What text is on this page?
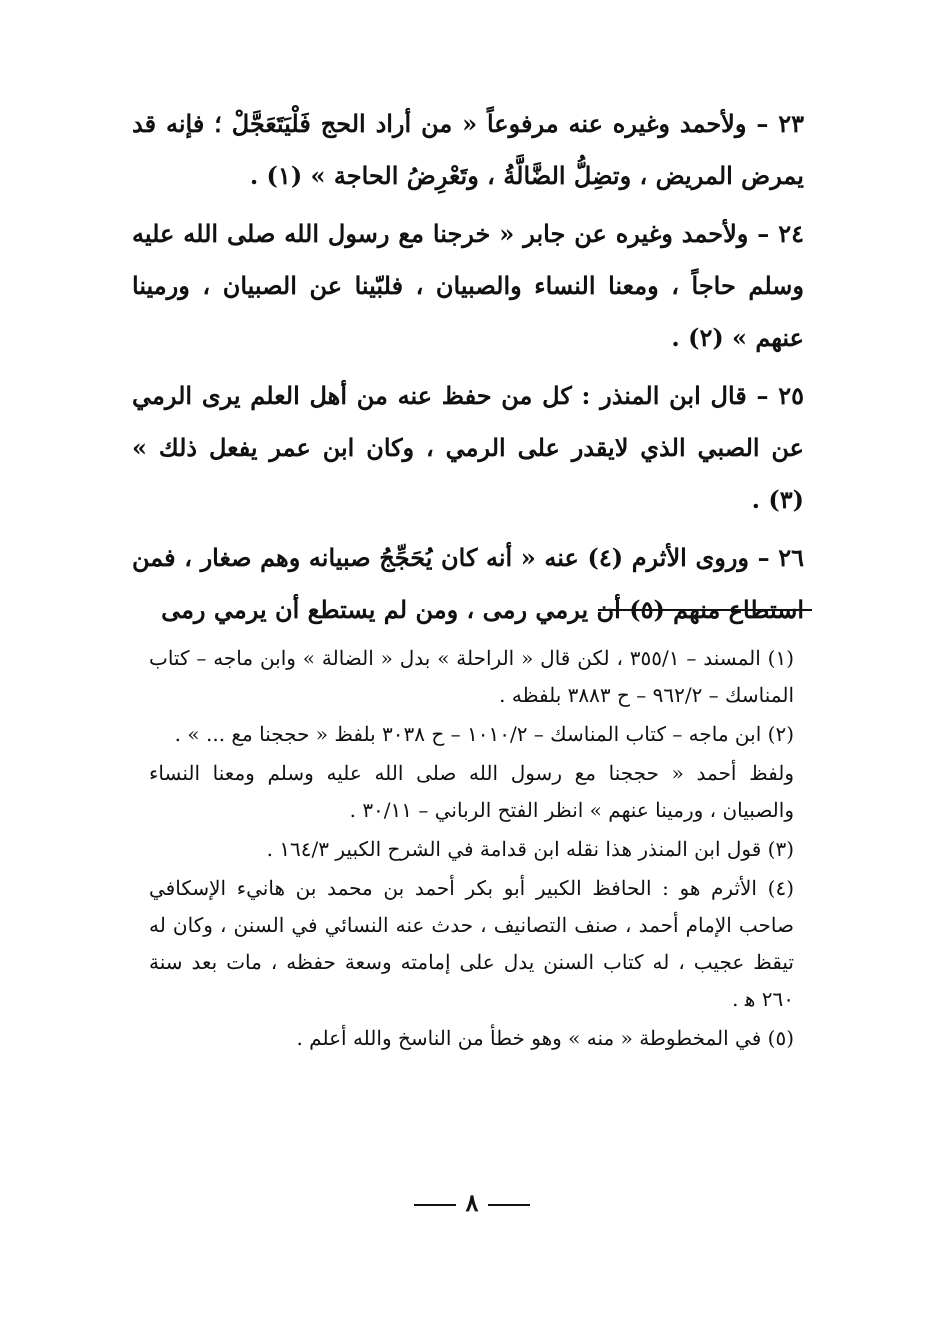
٢٣ – ولأحمد وغيره عنه مرفوعاً « من أراد الحج فَلْيَتَعَجَّلْ ؛ فإنه قد يمرض المريض ، وتضِلُّ الضَّالَّةُ ، وتَعْرِضُ الحاجة » (١) .

٢٤ – ولأحمد وغيره عن جابر « خرجنا مع رسول الله صلى الله عليه وسلم حاجاً ، ومعنا النساء والصبيان ، فلبّينا عن الصبيان ، ورمينا عنهم » (٢) .

٢٥ – قال ابن المنذر : كل من حفظ عنه من أهل العلم يرى الرمي عن الصبي الذي لايقدر على الرمي ، وكان ابن عمر يفعل ذلك » (٣) .

٢٦ – وروى الأثرم (٤) عنه « أنه كان يُحَجِّجُ صبيانه وهم صغار ، فمن استطاع منهم (٥) أن يرمي رمى ، ومن لم يستطع أن يرمي رمى

(١) المسند – ٣٥٥/١ ، لكن قال « الراحلة » بدل « الضالة » وابن ماجه – كتاب المناسك – ٩٦٢/٢ – ح ٣٨٨٣ بلفظه .

(٢) ابن ماجه – كتاب المناسك – ١٠١٠/٢ – ح ٣٠٣٨ بلفظ « حججنا مع ... » .

ولفظ أحمد « حججنا مع رسول الله صلى الله عليه وسلم ومعنا النساء والصبيان ، ورمينا عنهم » انظر الفتح الرباني – ٣٠/١١ .

(٣) قول ابن المنذر هذا نقله ابن قدامة في الشرح الكبير ١٦٤/٣ .

(٤) الأثرم هو : الحافظ الكبير أبو بكر أحمد بن محمد بن هانيء الإسكافي صاحب الإمام أحمد ، صنف التصانيف ، حدث عنه النسائي في السنن ، وكان له تيقظ عجيب ، له كتاب السنن يدل على إمامته وسعة حفظه ، مات بعد سنة ٢٦٠ ﻫ .

(٥) في المخطوطة « منه » وهو خطأ من الناسخ والله أعلم .

٨
